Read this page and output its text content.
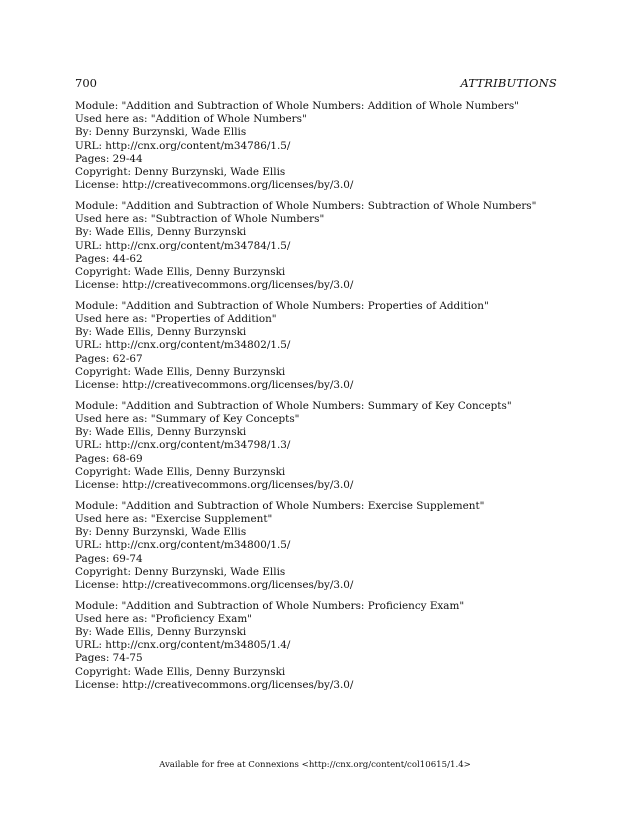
700	ATTRIBUTIONS
Module: "Addition and Subtraction of Whole Numbers: Addition of Whole Numbers"
Used here as: "Addition of Whole Numbers"
By: Denny Burzynski, Wade Ellis
URL: http://cnx.org/content/m34786/1.5/
Pages: 29-44
Copyright: Denny Burzynski, Wade Ellis
License: http://creativecommons.org/licenses/by/3.0/
Module: "Addition and Subtraction of Whole Numbers: Subtraction of Whole Numbers"
Used here as: "Subtraction of Whole Numbers"
By: Wade Ellis, Denny Burzynski
URL: http://cnx.org/content/m34784/1.5/
Pages: 44-62
Copyright: Wade Ellis, Denny Burzynski
License: http://creativecommons.org/licenses/by/3.0/
Module: "Addition and Subtraction of Whole Numbers: Properties of Addition"
Used here as: "Properties of Addition"
By: Wade Ellis, Denny Burzynski
URL: http://cnx.org/content/m34802/1.5/
Pages: 62-67
Copyright: Wade Ellis, Denny Burzynski
License: http://creativecommons.org/licenses/by/3.0/
Module: "Addition and Subtraction of Whole Numbers: Summary of Key Concepts"
Used here as: "Summary of Key Concepts"
By: Wade Ellis, Denny Burzynski
URL: http://cnx.org/content/m34798/1.3/
Pages: 68-69
Copyright: Wade Ellis, Denny Burzynski
License: http://creativecommons.org/licenses/by/3.0/
Module: "Addition and Subtraction of Whole Numbers: Exercise Supplement"
Used here as: "Exercise Supplement"
By: Denny Burzynski, Wade Ellis
URL: http://cnx.org/content/m34800/1.5/
Pages: 69-74
Copyright: Denny Burzynski, Wade Ellis
License: http://creativecommons.org/licenses/by/3.0/
Module: "Addition and Subtraction of Whole Numbers: Proficiency Exam"
Used here as: "Proficiency Exam"
By: Wade Ellis, Denny Burzynski
URL: http://cnx.org/content/m34805/1.4/
Pages: 74-75
Copyright: Wade Ellis, Denny Burzynski
License: http://creativecommons.org/licenses/by/3.0/
Available for free at Connexions <http://cnx.org/content/col10615/1.4>
